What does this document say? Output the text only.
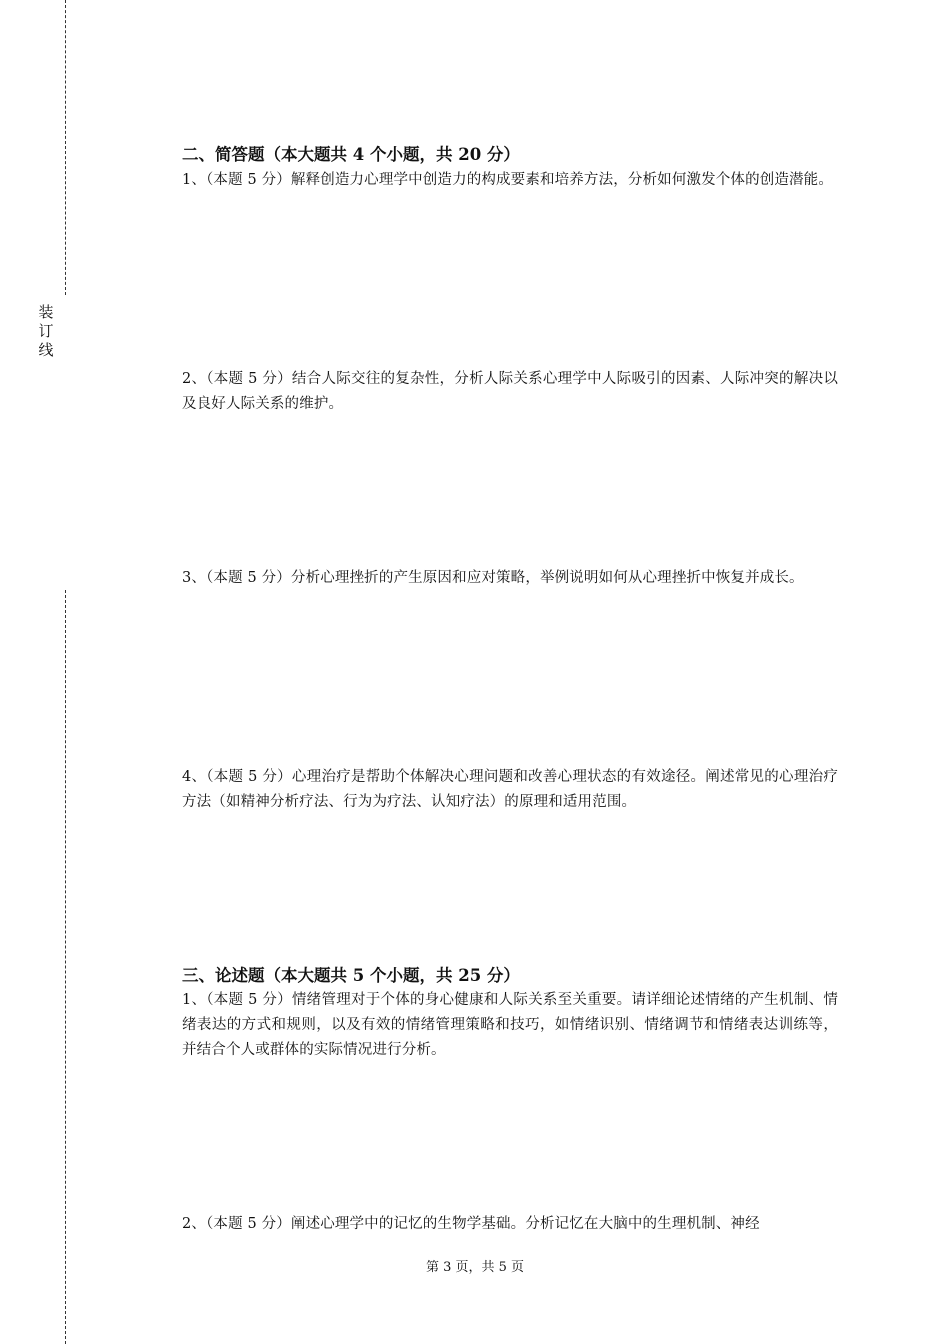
装订线
二、简答题（本大题共 4 个小题，共 20 分）
1、（本题 5 分）解释创造力心理学中创造力的构成要素和培养方法，分析如何激发个体的创造潜能。
2、（本题 5 分）结合人际交往的复杂性，分析人际关系心理学中人际吸引的因素、人际冲突的解决以及良好人际关系的维护。
3、（本题 5 分）分析心理挫折的产生原因和应对策略，举例说明如何从心理挫折中恢复并成长。
4、（本题 5 分）心理治疗是帮助个体解决心理问题和改善心理状态的有效途径。阐述常见的心理治疗方法（如精神分析疗法、行为为疗法、认知疗法）的原理和适用范围。
三、论述题（本大题共 5 个小题，共 25 分）
1、（本题 5 分）情绪管理对于个体的身心健康和人际关系至关重要。请详细论述情绪的产生机制、情绪表达的方式和规则，以及有效的情绪管理策略和技巧，如情绪识别、情绪调节和情绪表达训练等，并结合个人或群体的实际情况进行分析。
2、（本题 5 分）阐述心理学中的记忆的生物学基础。分析记忆在大脑中的生理机制、神经
第 3 页，共 5 页
